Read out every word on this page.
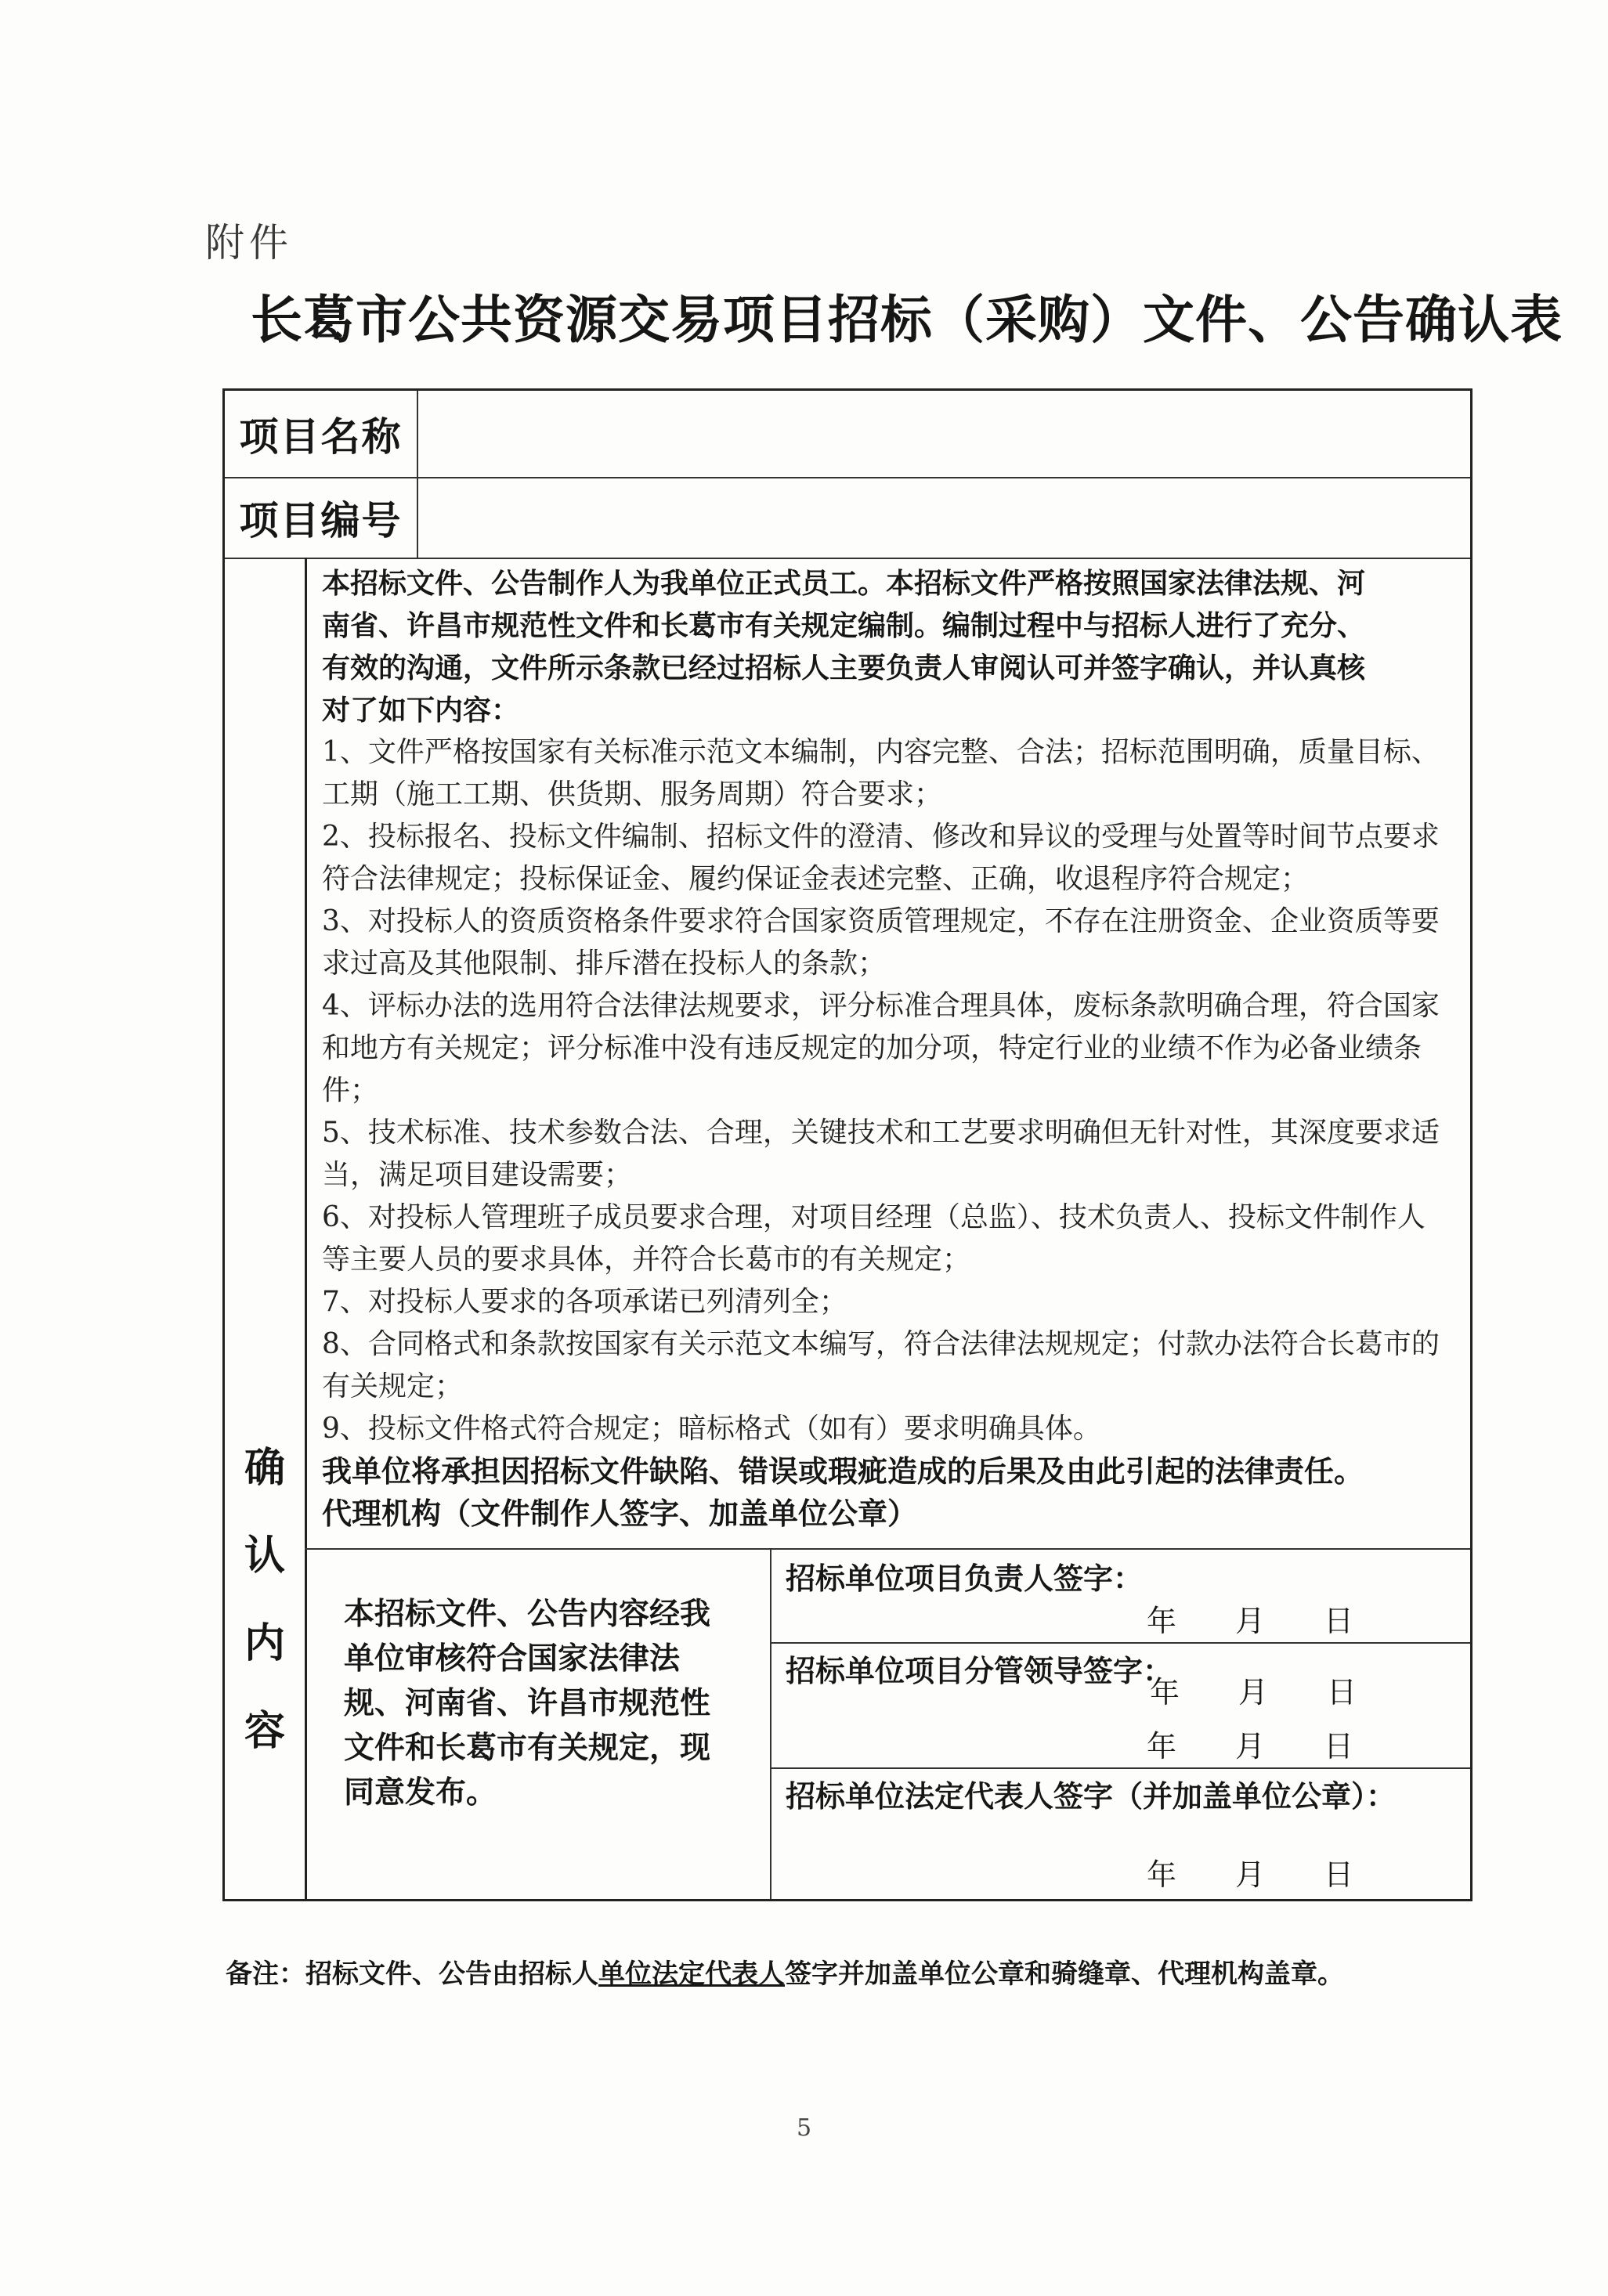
附件
长葛市公共资源交易项目招标（采购）文件、公告确认表
项目名称
项目编号
确
认
内
容

本招标文件、公告制作人为我单位正式员工。本招标文件严格按照国家法律法规、河

南省、许昌市规范性文件和长葛市有关规定编制。编制过程中与招标人进行了充分、

有效的沟通，文件所示条款已经过招标人主要负责人审阅认可并签字确认，并认真核

对了如下内容：

1、文件严格按国家有关标准示范文本编制，内容完整、合法；招标范围明确，质量目标、

工期（施工工期、供货期、服务周期）符合要求；

2、投标报名、投标文件编制、招标文件的澄清、修改和异议的受理与处置等时间节点要求

符合法律规定；投标保证金、履约保证金表述完整、正确，收退程序符合规定；

3、对投标人的资质资格条件要求符合国家资质管理规定，不存在注册资金、企业资质等要

求过高及其他限制、排斥潜在投标人的条款；

4、评标办法的选用符合法律法规要求，评分标准合理具体，废标条款明确合理，符合国家

和地方有关规定；评分标准中没有违反规定的加分项，特定行业的业绩不作为必备业绩条

件；

5、技术标准、技术参数合法、合理，关键技术和工艺要求明确但无针对性，其深度要求适

当，满足项目建设需要；

6、对投标人管理班子成员要求合理，对项目经理（总监）、技术负责人、投标文件制作人

等主要人员的要求具体，并符合长葛市的有关规定；

7、对投标人要求的各项承诺已列清列全；

8、合同格式和条款按国家有关示范文本编写，符合法律法规规定；付款办法符合长葛市的

有关规定；

9、投标文件格式符合规定；暗标格式（如有）要求明确具体。

我单位将承担因招标文件缺陷、错误或瑕疵造成的后果及由此引起的法律责任。

代理机构（文件制作人签字、加盖单位公章）

年 月 日
本招标文件、公告内容经我
单位审核符合国家法律法
规、河南省、许昌市规范性
文件和长葛市有关规定，现
同意发布。
招标单位项目负责人签字：
年 月 日
招标单位项目分管领导签字：
年 月 日
招标单位法定代表人签字（并加盖单位公章）：
年 月 日
备注：招标文件、公告由招标人单位法定代表人签字并加盖单位公章和骑缝章、代理机构盖章。
5
